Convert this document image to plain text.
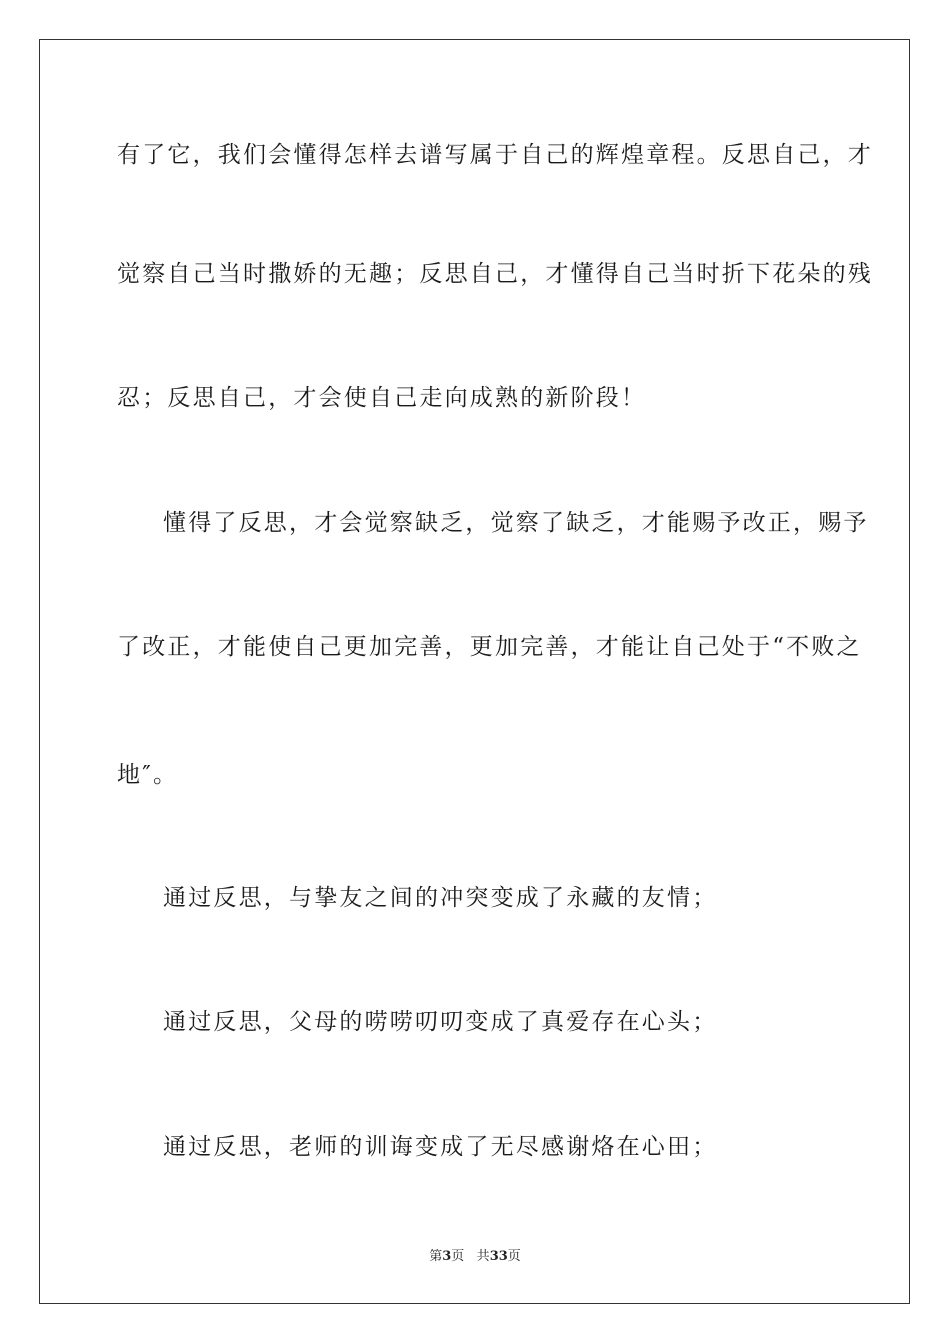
有了它，我们会懂得怎样去谱写属于自己的辉煌章程。反思自己，才
觉察自己当时撒娇的无趣；反思自己，才懂得自己当时折下花朵的残
忍；反思自己，才会使自己走向成熟的新阶段！
懂得了反思，才会觉察缺乏，觉察了缺乏，才能赐予改正，赐予
了改正，才能使自己更加完善，更加完善，才能让自己处于“不败之
地″。
通过反思，与挚友之间的冲突变成了永藏的友情；
通过反思，父母的唠唠叨叨变成了真爱存在心头；
通过反思，老师的训诲变成了无尽感谢烙在心田；
第3页 共33页
